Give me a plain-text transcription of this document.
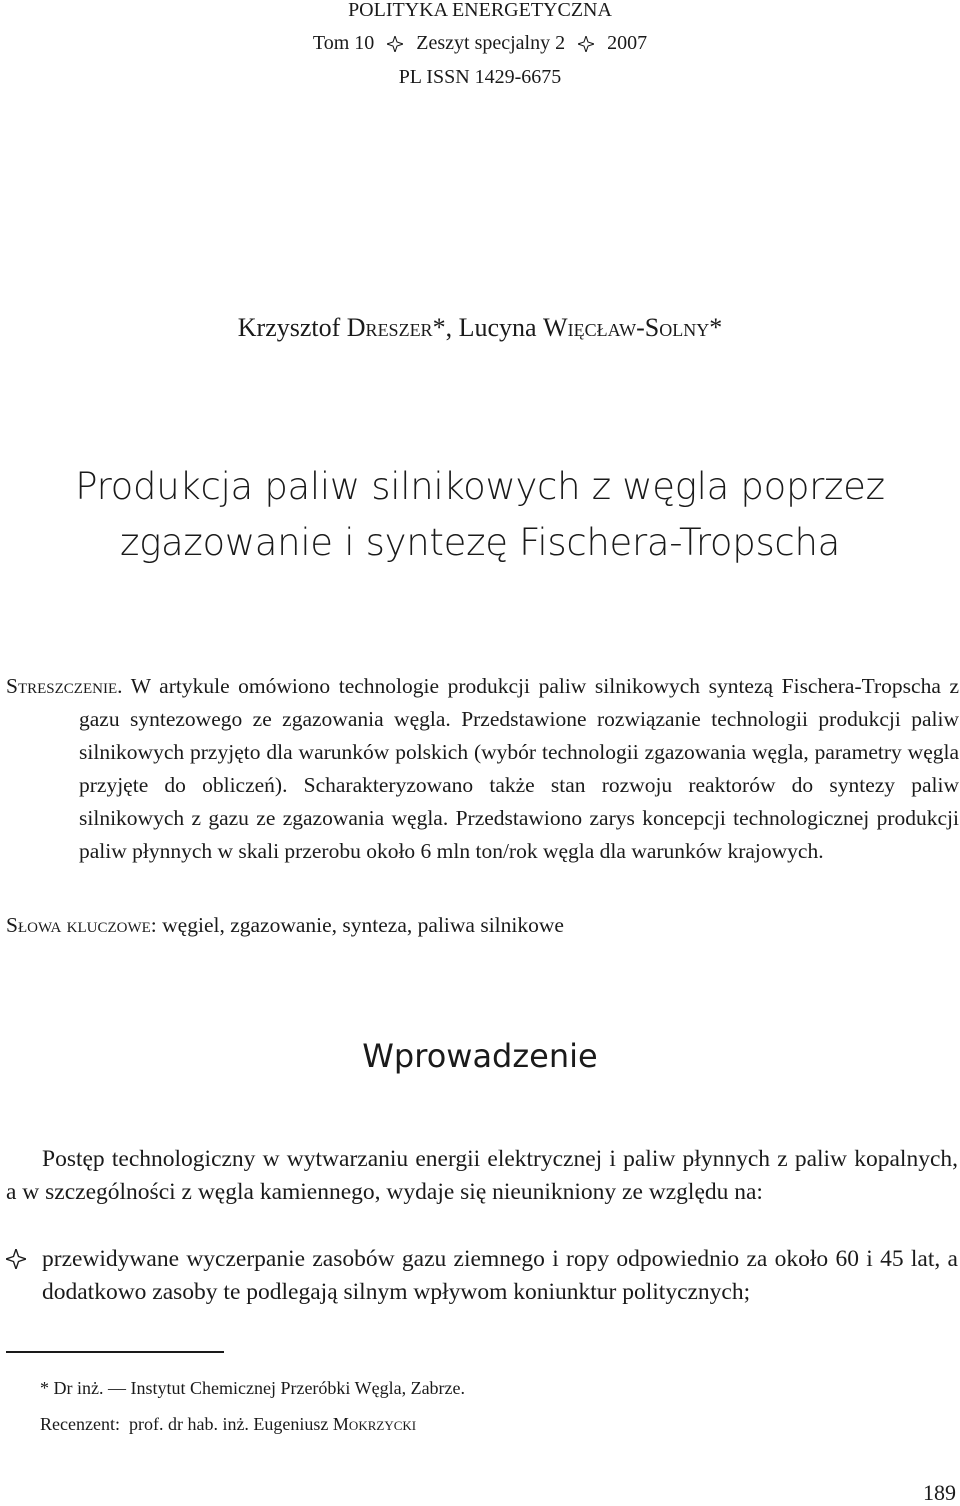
POLITYKA ENERGETYCZNA
Tom 10 Zeszyt specjalny 2 2007
PL ISSN 1429-6675
Krzysztof Dreszer*, Lucyna Więcław-Solny*
Produkcja paliw silnikowych z węgla poprzez
zgazowanie i syntezę Fischera-Tropscha
Streszczenie. W artykule omówiono technologie produkcji paliw silnikowych syntezą Fischera-Tropscha z gazu syntezowego ze zgazowania węgla. Przedstawione rozwiązanie technologii produkcji paliw silnikowych przyjęto dla warunków polskich (wybór technologii zgazowania węgla, parametry węgla przyjęte do obliczeń). Scharakteryzowano także stan rozwoju reaktorów do syntezy paliw silnikowych z gazu ze zgazowania węgla. Przedstawiono zarys koncepcji technologicznej produkcji paliw płynnych w skali przerobu około 6 mln ton/rok węgla dla warunków krajowych.
Słowa kluczowe: węgiel, zgazowanie, synteza, paliwa silnikowe
Wprowadzenie
Postęp technologiczny w wytwarzaniu energii elektrycznej i paliw płynnych z paliw kopalnych, a w szczególności z węgla kamiennego, wydaje się nieunikniony ze względu na:
przewidywane wyczerpanie zasobów gazu ziemnego i ropy odpowiednio za około 60 i 45 lat, a dodatkowo zasoby te podlegają silnym wpływom koniunktur politycznych;
* Dr inż. — Instytut Chemicznej Przeróbki Węgla, Zabrze.
Recenzent: prof. dr hab. inż. Eugeniusz Mokrzycki
189
